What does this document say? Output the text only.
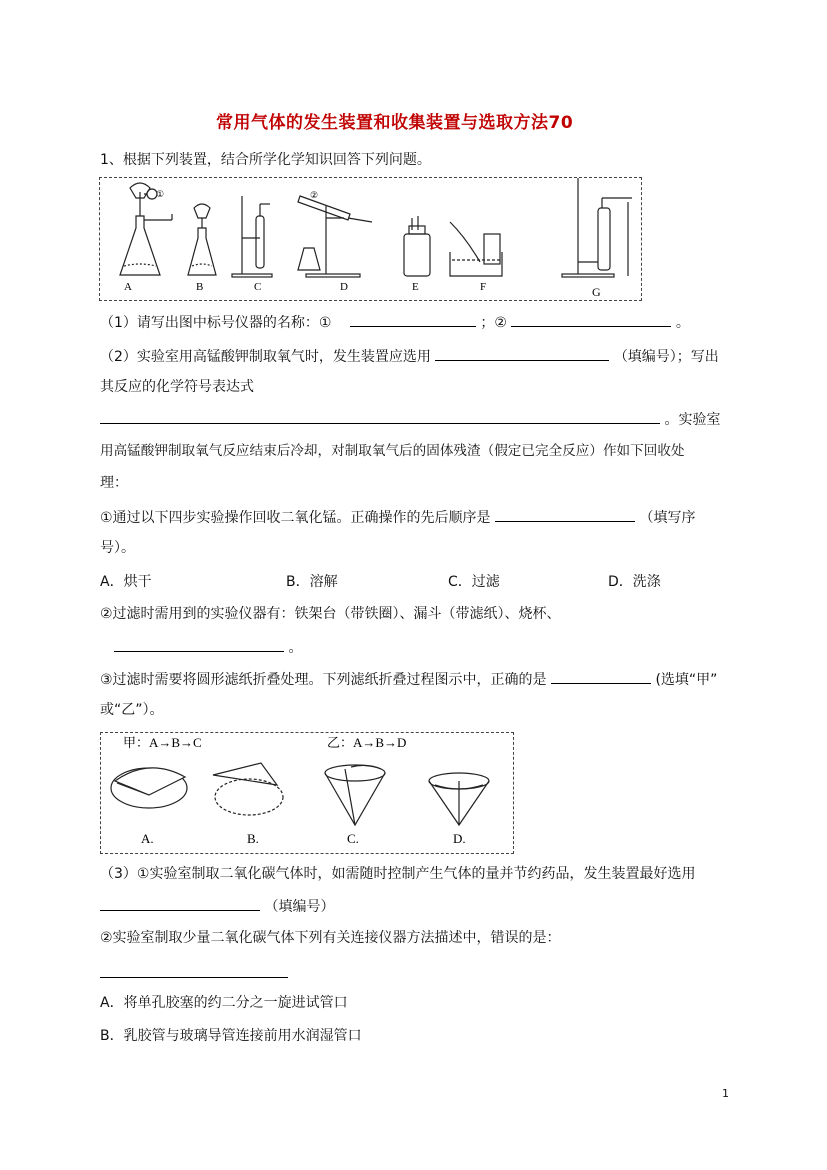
常用气体的发生装置和收集装置与选取方法70
1、根据下列装置，结合所学化学知识回答下列问题。
①	②
A	B	C	D	E	F	G
（1）请写出图中标号仪器的名称：①	；②	。
（2）实验室用高锰酸钾制取氧气时，发生装置应选用	（填编号）；写出
其反应的化学符号表达式
。实验室
用高锰酸钾制取氧气反应结束后冷却，对制取氧气后的固体残渣（假定已完全反应）作如下回收处
理：
①通过以下四步实验操作回收二氧化锰。正确操作的先后顺序是	（填写序
号）。
A．烘干	B．溶解	C．过滤	D．洗涤
②过滤时需用到的实验仪器有：铁架台（带铁圈）、漏斗（带滤纸）、烧杯、
。
③过滤时需要将圆形滤纸折叠处理。下列滤纸折叠过程图示中，正确的是	(选填“甲”
或“乙”）。
甲：A→B→C	乙：A→B→D
A.	B.	C.	D.
（3）①实验室制取二氧化碳气体时，如需随时控制产生气体的量并节约药品，发生装置最好选用
（填编号）
②实验室制取少量二氧化碳气体下列有关连接仪器方法描述中，错误的是：
A．将单孔胶塞的约二分之一旋进试管口
B．乳胶管与玻璃导管连接前用水润湿管口
1
